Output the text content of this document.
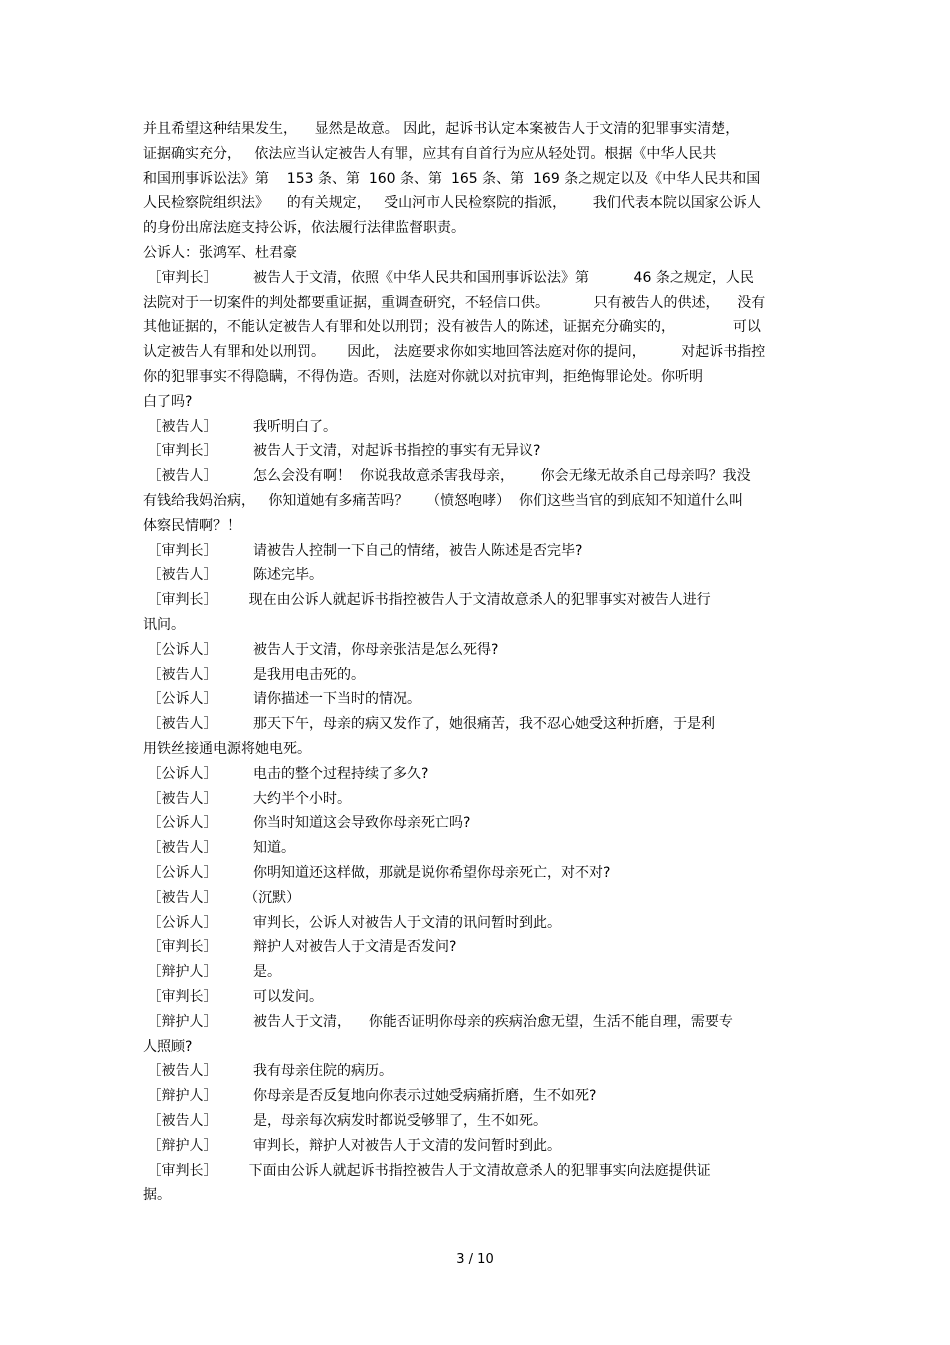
并且希望这种结果发生，    显然是故意。 因此，起诉书认定本案被告人于文清的犯罪事实清楚，

证据确实充分，   依法应当认定被告人有罪，应其有自首行为应从轻处罚。根据《中华人民共

和国刑事诉讼法》第    153 条、第  160 条、第  165 条、第  169 条之规定以及《中华人民共和国

人民检察院组织法》    的有关规定，   受山河市人民检察院的指派，      我们代表本院以国家公诉人

的身份出席法庭支持公诉，依法履行法律监督职责。

公诉人：张鸿军、杜君豪

［审判长］        被告人于文清，依照《中华人民共和国刑事诉讼法》第          46 条之规定，人民

法院对于一切案件的判处都要重证据，重调查研究，不轻信口供。          只有被告人的供述，    没有

其他证据的，不能认定被告人有罪和处以刑罚；没有被告人的陈述，证据充分确实的，             可以

认定被告人有罪和处以刑罚。     因此， 法庭要求你如实地回答法庭对你的提问，        对起诉书指控

你的犯罪事实不得隐瞒，不得伪造。否则，法庭对你就以对抗审判，拒绝悔罪论处。你听明

白了吗?

［被告人］        我听明白了。

［审判长］        被告人于文清，对起诉书指控的事实有无异议?

［被告人］        怎么会没有啊！  你说我故意杀害我母亲，      你会无缘无故杀自己母亲吗？我没

有钱给我妈治病，   你知道她有多痛苦吗？    （愤怒咆哮）  你们这些当官的到底知不知道什么叫

体察民情啊？！

［审判长］        请被告人控制一下自己的情绪，被告人陈述是否完毕?

［被告人］        陈述完毕。

［审判长］       现在由公诉人就起诉书指控被告人于文清故意杀人的犯罪事实对被告人进行

讯问。

［公诉人］        被告人于文清，你母亲张洁是怎么死得?

［被告人］        是我用电击死的。

［公诉人］        请你描述一下当时的情况。

［被告人］        那天下午，母亲的病又发作了，她很痛苦，我不忍心她受这种折磨，于是利

用铁丝接通电源将她电死。

［公诉人］        电击的整个过程持续了多久?

［被告人］        大约半个小时。

［公诉人］        你当时知道这会导致你母亲死亡吗?

［被告人］        知道。

［公诉人］        你明知道还这样做，那就是说你希望你母亲死亡，对不对?

［被告人］      （沉默）

［公诉人］        审判长，公诉人对被告人于文清的讯问暂时到此。

［审判长］        辩护人对被告人于文清是否发问?

［辩护人］        是。

［审判长］        可以发问。

［辩护人］        被告人于文清，    你能否证明你母亲的疾病治愈无望，生活不能自理，需要专

人照顾?

［被告人］        我有母亲住院的病历。

［辩护人］        你母亲是否反复地向你表示过她受病痛折磨，生不如死?

［被告人］        是，母亲每次病发时都说受够罪了，生不如死。

［辩护人］        审判长，辩护人对被告人于文清的发问暂时到此。

［审判长］       下面由公诉人就起诉书指控被告人于文清故意杀人的犯罪事实向法庭提供证

据。

3 / 10
